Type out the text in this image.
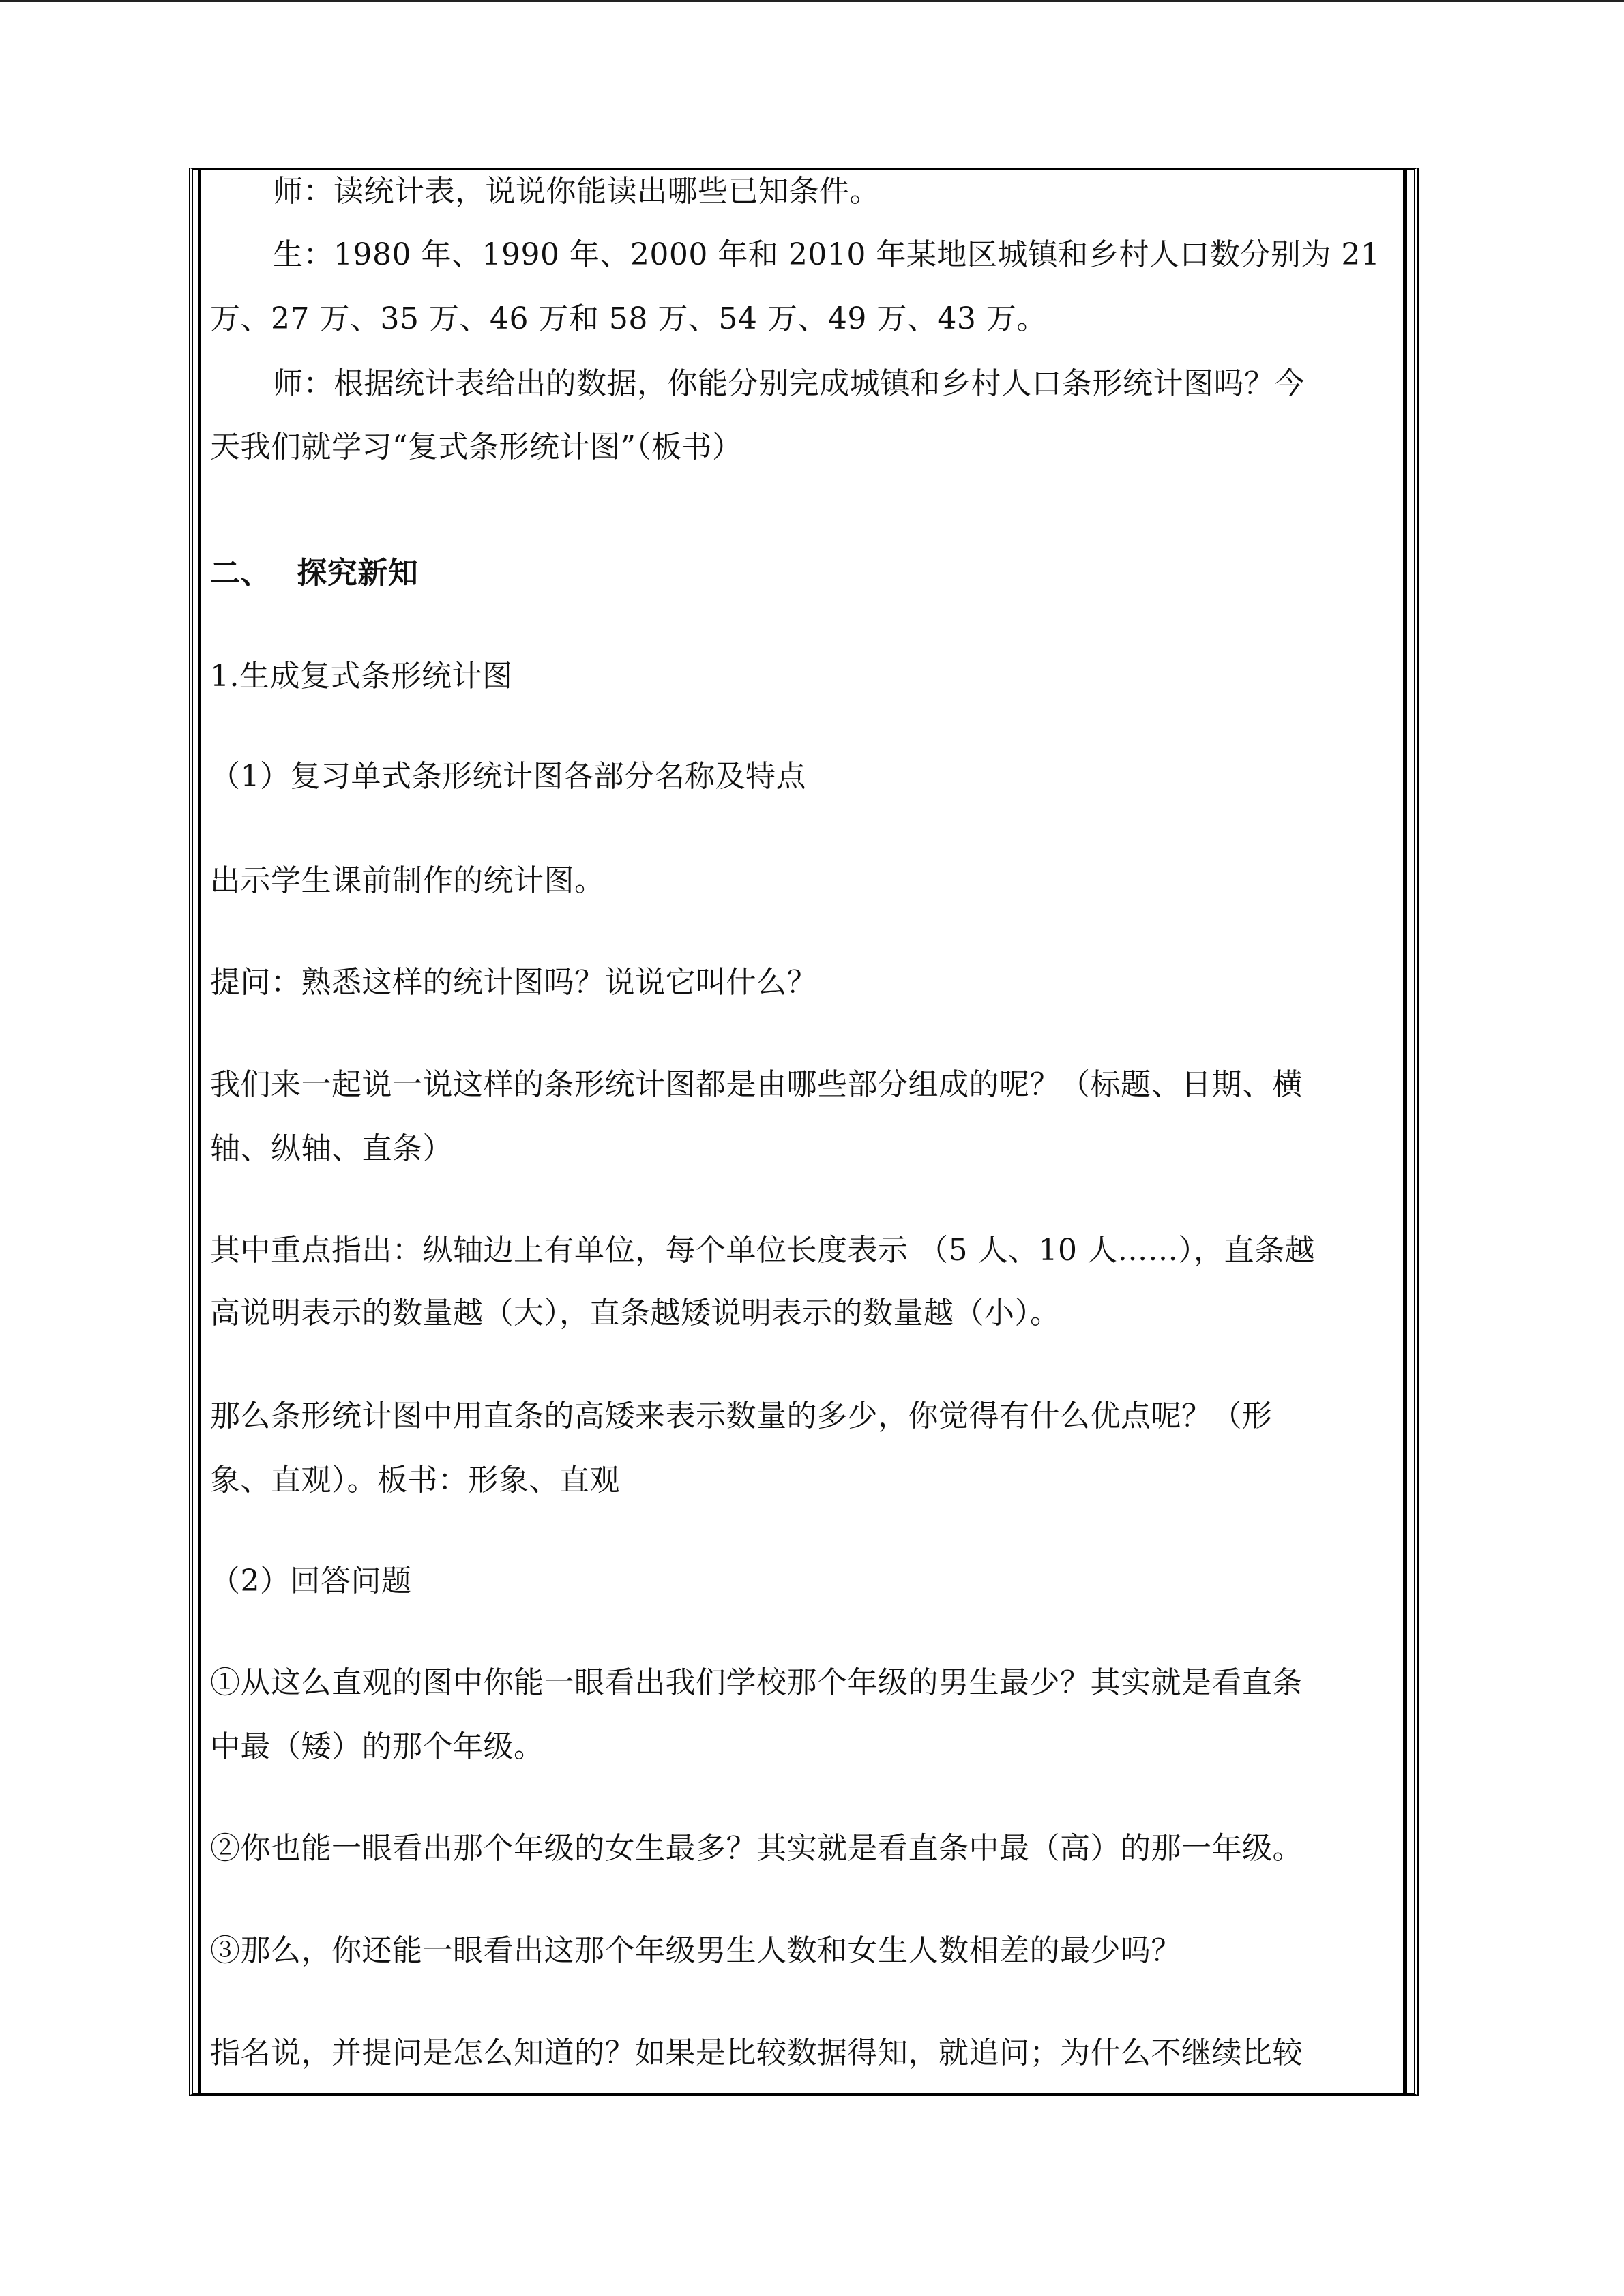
师：读统计表，说说你能读出哪些已知条件。
生：1980 年、1990 年、2000 年和 2010 年某地区城镇和乡村人口数分别为 21
万、27 万、35 万、46 万和 58 万、54 万、49 万、43 万。
师：根据统计表给出的数据，你能分别完成城镇和乡村人口条形统计图吗？今
天我们就学习“复式条形统计图”（板书）
二、　 探究新知
1.生成复式条形统计图
（1）复习单式条形统计图各部分名称及特点
出示学生课前制作的统计图。
提问：熟悉这样的统计图吗？说说它叫什么？
我们来一起说一说这样的条形统计图都是由哪些部分组成的呢？（标题、日期、横
轴、纵轴、直条）
其中重点指出：纵轴边上有单位，每个单位长度表示 （5 人、10 人……），直条越
高说明表示的数量越（大），直条越矮说明表示的数量越（小）。
那么条形统计图中用直条的高矮来表示数量的多少，你觉得有什么优点呢？（形
象、直观）。板书：形象、直观
（2）回答问题
①从这么直观的图中你能一眼看出我们学校那个年级的男生最少？其实就是看直条
中最（矮）的那个年级。
②你也能一眼看出那个年级的女生最多？其实就是看直条中最（高）的那一年级。
③那么，你还能一眼看出这那个年级男生人数和女生人数相差的最少吗？
指名说，并提问是怎么知道的？如果是比较数据得知，就追问；为什么不继续比较
